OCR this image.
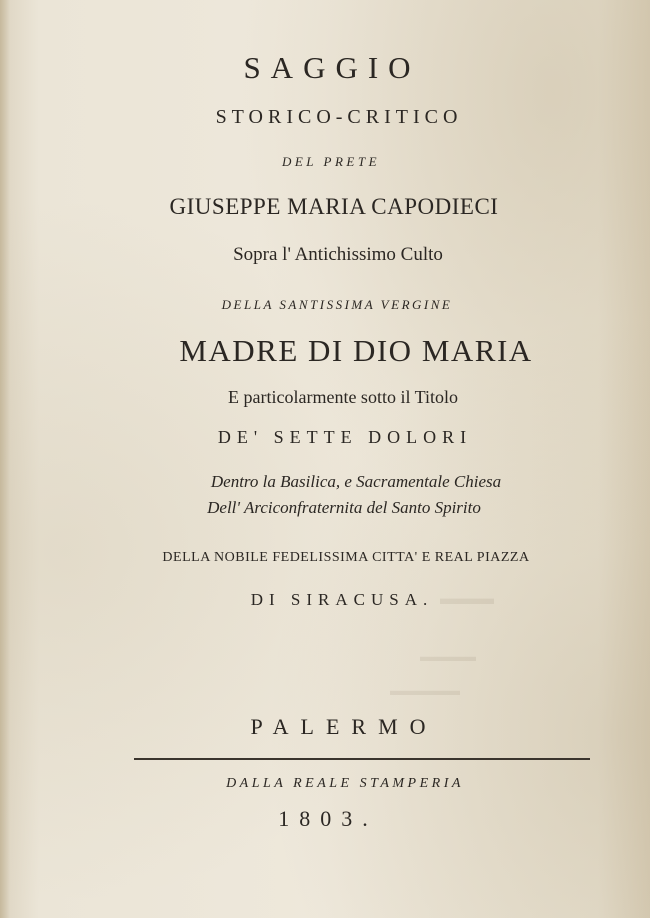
▬▬▬
▬▬▬▬
▬▬▬▬▬
SAGGIO
STORICO-CRITICO
DEL PRETE
GIUSEPPE MARIA CAPODIECI
Sopra l' Antichissimo Culto
DELLA SANTISSIMA VERGINE
MADRE DI DIO MARIA
E particolarmente sotto il Titolo
DE' SETTE DOLORI
Dentro la Basilica, e Sacramentale Chiesa
Dell' Arciconfraternita del Santo Spirito
DELLA NOBILE FEDELISSIMA CITTA' E REAL PIAZZA
DI SIRACUSA.
PALERMO
DALLA REALE STAMPERIA
1803.
